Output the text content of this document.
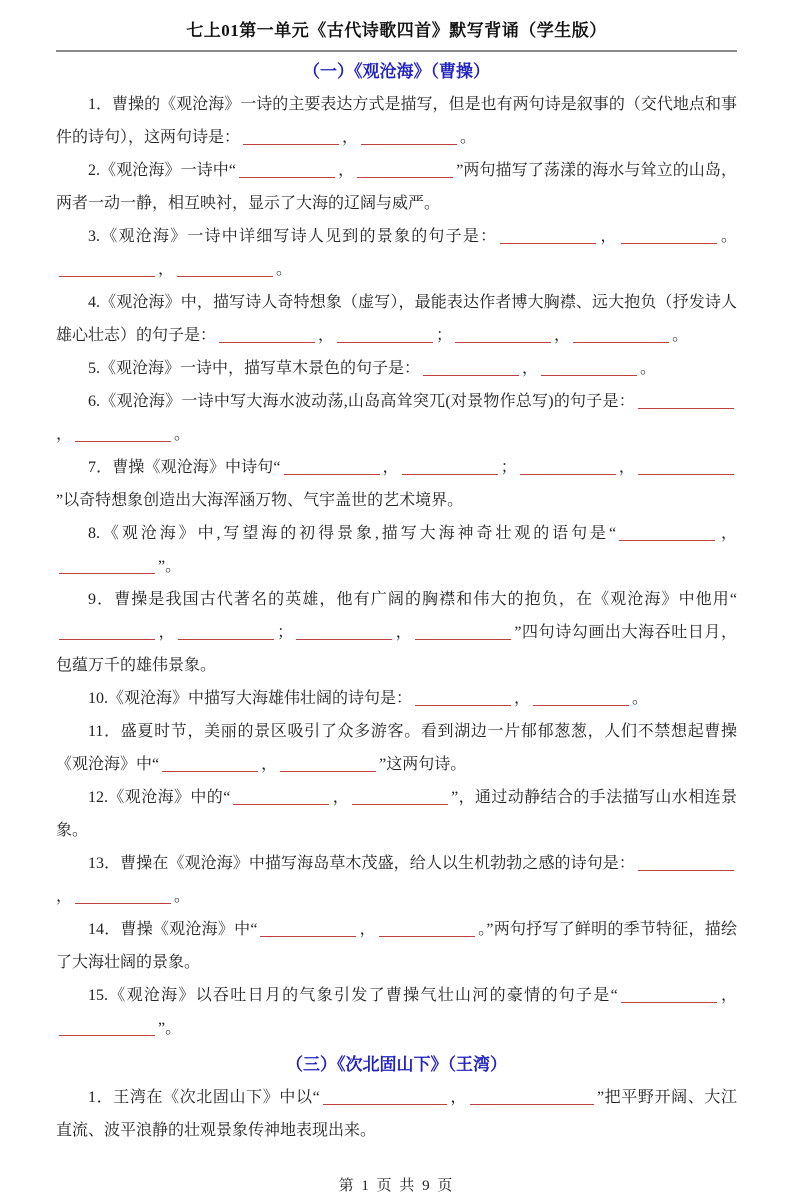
七上01第一单元《古代诗歌四首》默写背诵（学生版）
（一）《观沧海》（曹操）

1．曹操的《观沧海》一诗的主要表达方式是描写，但是也有两句诗是叙事的（交代地点和事件的诗句），这两句诗是：	，	。

2.《观沧海》一诗中“	，	”两句描写了荡漾的海水与耸立的山岛，两者一动一静，相互映衬，显示了大海的辽阔与威严。

3.《观沧海》一诗中详细写诗人见到的景象的句子是：	，	。，	。

4.《观沧海》中，描写诗人奇特想象（虚写），最能表达作者博大胸襟、远大抱负（抒发诗人雄心壮志）的句子是：	，	；	，	。

5.《观沧海》一诗中，描写草木景色的句子是：	，	。

6.《观沧海》一诗中写大海水波动荡,山岛高耸突兀(对景物作总写)的句子是：，	。

7．曹操《观沧海》中诗句“	，	；	，”以奇特想象创造出大海浑涵万物、气宇盖世的艺术境界。

8.《观沧海》中,写望海的初得景象,描写大海神奇壮观的语句是“	，”。

9．曹操是我国古代著名的英雄，他有广阔的胸襟和伟大的抱负，在《观沧海》中他用“，	；	，	”四句诗勾画出大海吞吐日月，包蕴万千的雄伟景象。

10.《观沧海》中描写大海雄伟壮阔的诗句是：	，	。

11．盛夏时节，美丽的景区吸引了众多游客。看到湖边一片郁郁葱葱，人们不禁想起曹操《观沧海》中“	，	”这两句诗。

12.《观沧海》中的“	，	”，通过动静结合的手法描写山水相连景象。

13．曹操在《观沧海》中描写海岛草木茂盛，给人以生机勃勃之感的诗句是：，	。

14．曹操《观沧海》中“	，	。”两句抒写了鲜明的季节特征，描绘了大海壮阔的景象。

15.《观沧海》以吞吐日月的气象引发了曹操气壮山河的豪情的句子是“	，”。

（三）《次北固山下》（王湾）

1．王湾在《次北固山下》中以“	，	”把平野开阔、大江直流、波平浪静的壮观景象传神地表现出来。

第 1 页 共 9 页
